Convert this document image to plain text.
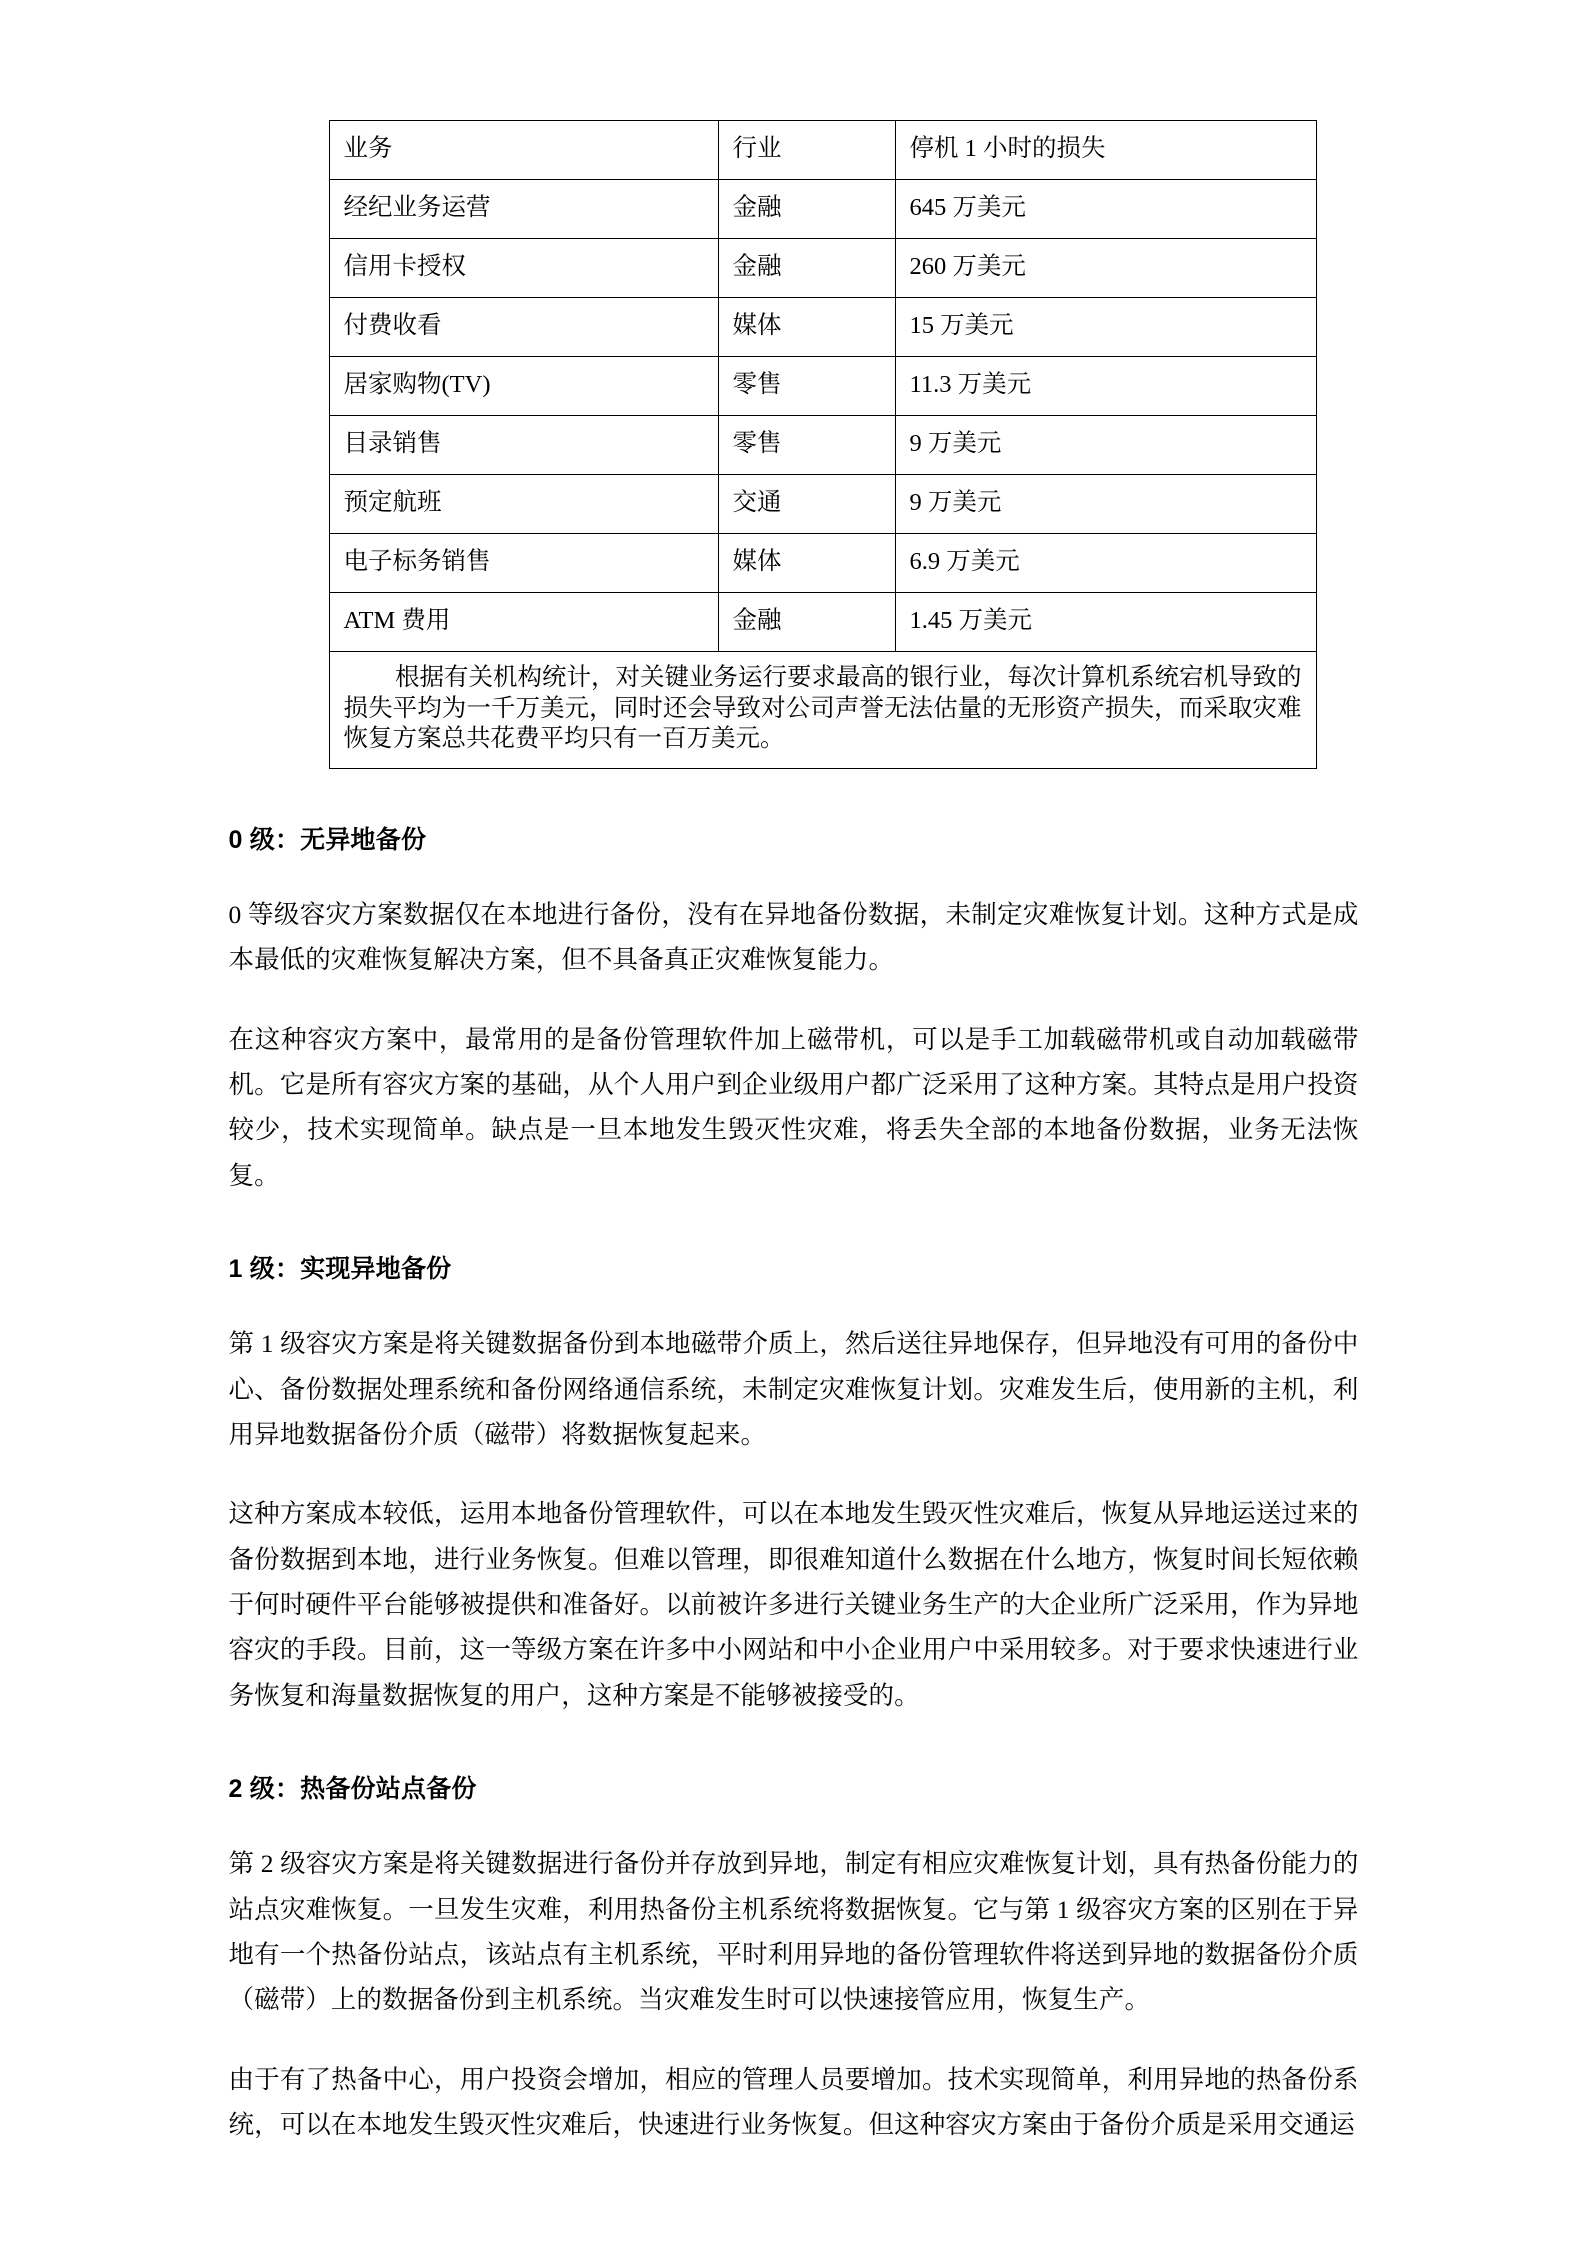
业务	行业	停机 1 小时的损失
经纪业务运营	金融	645 万美元
信用卡授权	金融	260 万美元
付费收看	媒体	15 万美元
居家购物(TV)	零售	11.3 万美元
目录销售	零售	9 万美元
预定航班	交通	9 万美元
电子标务销售	媒体	6.9 万美元
ATM 费用	金融	1.45 万美元
根据有关机构统计，对关键业务运行要求最高的银行业，每次计算机系统宕机导致的损失平均为一千万美元，同时还会导致对公司声誉无法估量的无形资产损失，而采取灾难恢复方案总共花费平均只有一百万美元。		
0 级：无异地备份

0 等级容灾方案数据仅在本地进行备份，没有在异地备份数据，未制定灾难恢复计划。这种方式是成本最低的灾难恢复解决方案，但不具备真正灾难恢复能力。

在这种容灾方案中，最常用的是备份管理软件加上磁带机，可以是手工加载磁带机或自动加载磁带机。它是所有容灾方案的基础，从个人用户到企业级用户都广泛采用了这种方案。其特点是用户投资较少，技术实现简单。缺点是一旦本地发生毁灭性灾难，将丢失全部的本地备份数据，业务无法恢复。

1 级：实现异地备份

第 1 级容灾方案是将关键数据备份到本地磁带介质上，然后送往异地保存，但异地没有可用的备份中心、备份数据处理系统和备份网络通信系统，未制定灾难恢复计划。灾难发生后，使用新的主机，利用异地数据备份介质（磁带）将数据恢复起来。

这种方案成本较低，运用本地备份管理软件，可以在本地发生毁灭性灾难后，恢复从异地运送过来的备份数据到本地，进行业务恢复。但难以管理，即很难知道什么数据在什么地方，恢复时间长短依赖于何时硬件平台能够被提供和准备好。以前被许多进行关键业务生产的大企业所广泛采用，作为异地容灾的手段。目前，这一等级方案在许多中小网站和中小企业用户中采用较多。对于要求快速进行业务恢复和海量数据恢复的用户，这种方案是不能够被接受的。

2 级：热备份站点备份

第 2 级容灾方案是将关键数据进行备份并存放到异地，制定有相应灾难恢复计划，具有热备份能力的站点灾难恢复。一旦发生灾难，利用热备份主机系统将数据恢复。它与第 1 级容灾方案的区别在于异地有一个热备份站点，该站点有主机系统，平时利用异地的备份管理软件将送到异地的数据备份介质（磁带）上的数据备份到主机系统。当灾难发生时可以快速接管应用，恢复生产。

由于有了热备中心，用户投资会增加，相应的管理人员要增加。技术实现简单，利用异地的热备份系统，可以在本地发生毁灭性灾难后，快速进行业务恢复。但这种容灾方案由于备份介质是采用交通运
